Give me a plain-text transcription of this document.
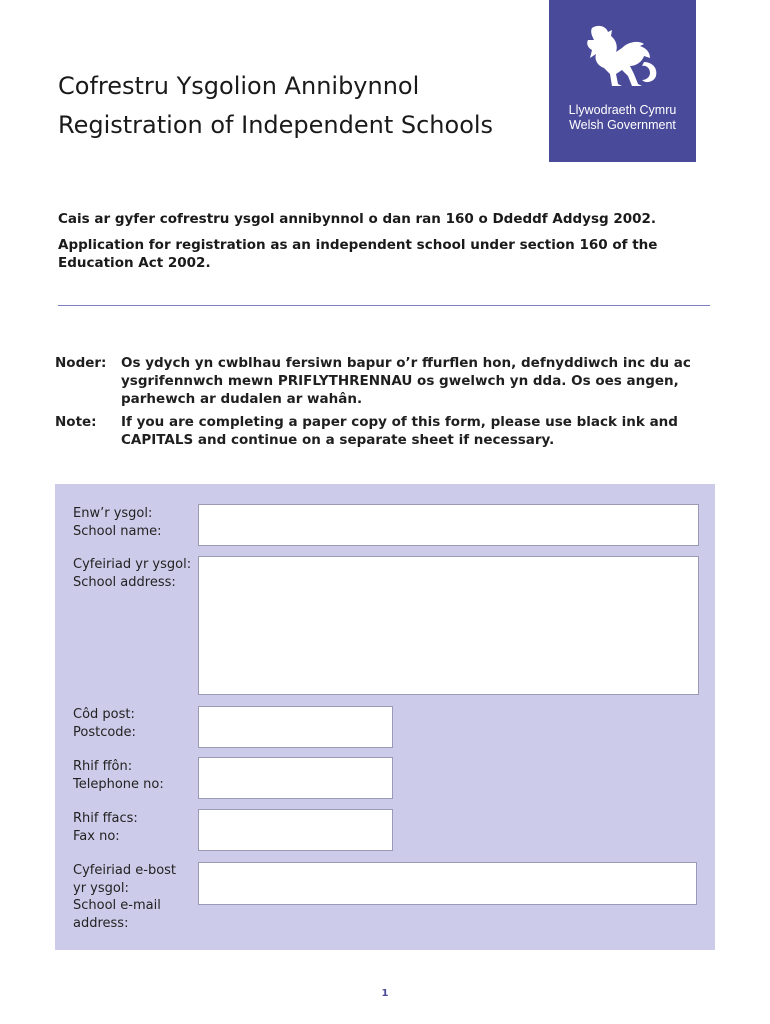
Llywodraeth Cymru
Welsh Government
Cofrestru Ysgolion Annibynnol
Registration of Independent Schools

Cais ar gyfer cofrestru ysgol annibynnol o dan ran 160 o Ddeddf Addysg 2002.

Application for registration as an independent school under section 160 of the Education Act 2002.

Noder: Os ydych yn cwblhau fersiwn bapur o’r ffurflen hon, defnyddiwch inc du ac ysgrifennwch mewn PRIFLYTHRENNAU os gwelwch yn dda. Os oes angen, parhewch ar dudalen ar wahân.

Note: If you are completing a paper copy of this form, please use black ink and CAPITALS and continue on a separate sheet if necessary.

Enw’r ysgol:
School name:
Cyfeiriad yr ysgol:
School address:
Côd post:
Postcode:
Rhif ffôn:
Telephone no:
Rhif ffacs:
Fax no:
Cyfeiriad e-bost
yr ysgol:
School e-mail
address:
1
